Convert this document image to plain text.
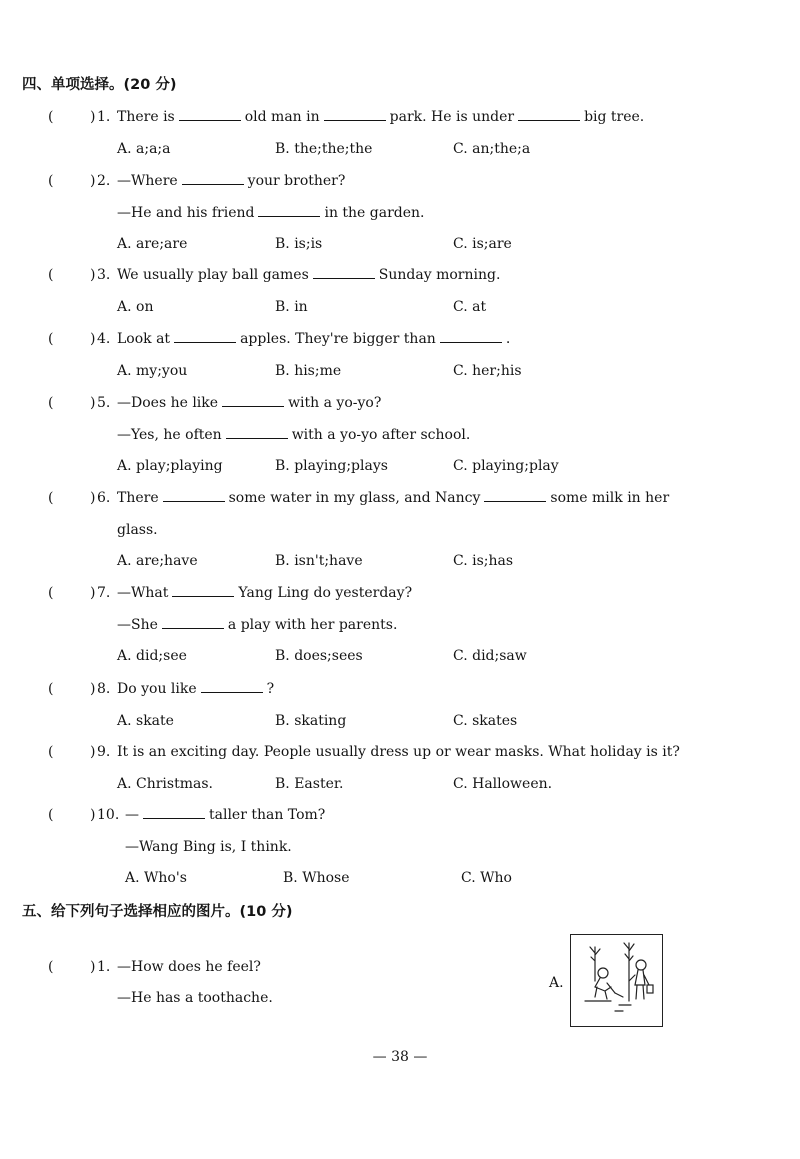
四、单项选择。(20 分)
(	) 1. There is	old man in	park. He is under	big tree.
A. a;a;a	B. the;the;the	C. an;the;a
(	) 2. —Where	your brother?
—He and his friend	in the garden.
A. are;are	B. is;is	C. is;are
(	) 3. We usually play ball games	Sunday morning.
A. on	B. in	C. at
(	) 4. Look at	apples. They're bigger than	.
A. my;you	B. his;me	C. her;his
(	) 5. —Does he like	with a yo-yo?
—Yes, he often	with a yo-yo after school.
A. play;playing	B. playing;plays	C. playing;play
(	) 6. There	some water in my glass, and Nancy	some milk in her
glass.
A. are;have	B. isn't;have	C. is;has
(	) 7. —What	Yang Ling do yesterday?
—She	a play with her parents.
A. did;see	B. does;sees	C. did;saw
(	) 8. Do you like	?
A. skate	B. skating	C. skates
(	) 9. It is an exciting day. People usually dress up or wear masks. What holiday is it?
A. Christmas.	B. Easter.	C. Halloween.
(	) 10. —	taller than Tom?
—Wang Bing is, I think.
A. Who's	B. Whose	C. Who
五、给下列句子选择相应的图片。(10 分)
(	) 1. —How does he feel?
—He has a toothache.
A.
— 38 —
